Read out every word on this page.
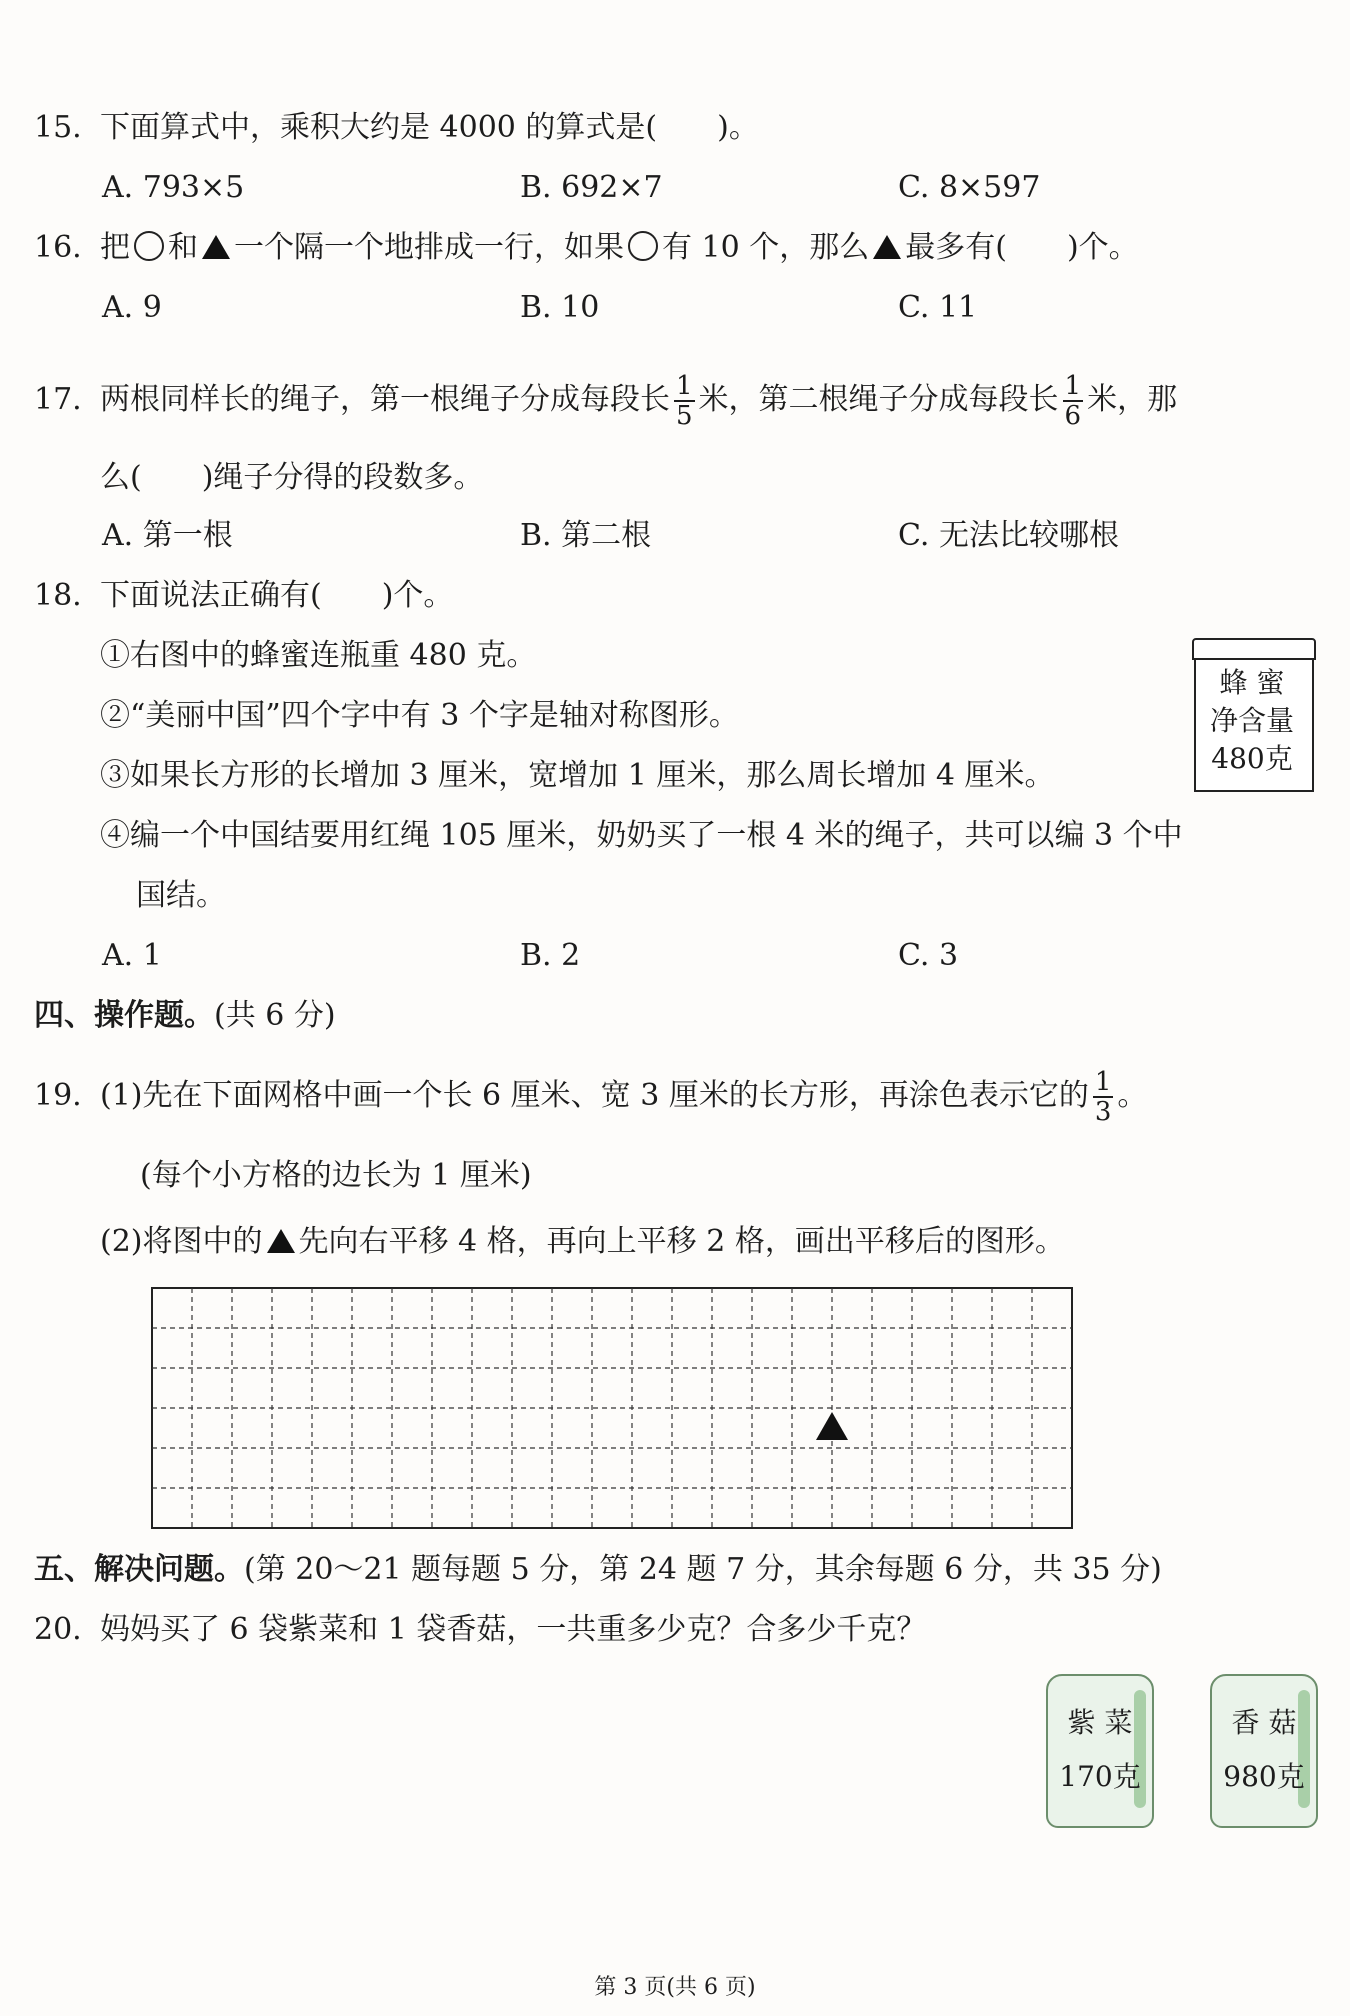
15. 下面算式中，乘积大约是 4000 的算式是(　　)。
A. 793×5	B. 692×7	C. 8×597
16. 把 和 一个隔一个地排成一行，如果 有 10 个，那么 最多有(　　)个。
A. 9	B. 10	C. 11
17. 两根同样长的绳子，第一根绳子分成每段长 $\frac{1}{5}$ 米，第二根绳子分成每段长 $\frac{1}{6}$ 米，那
么(　　)绳子分得的段数多。
A. 第一根	B. 第二根	C. 无法比较哪根
18. 下面说法正确有(　　)个。
①右图中的蜂蜜连瓶重 480 克。
②“美丽中国”四个字中有 3 个字是轴对称图形。
③如果长方形的长增加 3 厘米，宽增加 1 厘米，那么周长增加 4 厘米。
④编一个中国结要用红绳 105 厘米，奶奶买了一根 4 米的绳子，共可以编 3 个中
国结。
A. 1	B. 2	C. 3
蜂 蜜
净含量
480克
四、操作题。(共 6 分)
19. (1)先在下面网格中画一个长 6 厘米、宽 3 厘米的长方形，再涂色表示它的 $\frac{1}{3}$ 。
(每个小方格的边长为 1 厘米)
(2)将图中的 先向右平移 4 格，再向上平移 2 格，画出平移后的图形。
五、解决问题。(第 20～21 题每题 5 分，第 24 题 7 分，其余每题 6 分，共 35 分)
20. 妈妈买了 6 袋紫菜和 1 袋香菇，一共重多少克？合多少千克？
紫 菜
170克
香 菇
980克
第 3 页(共 6 页)
